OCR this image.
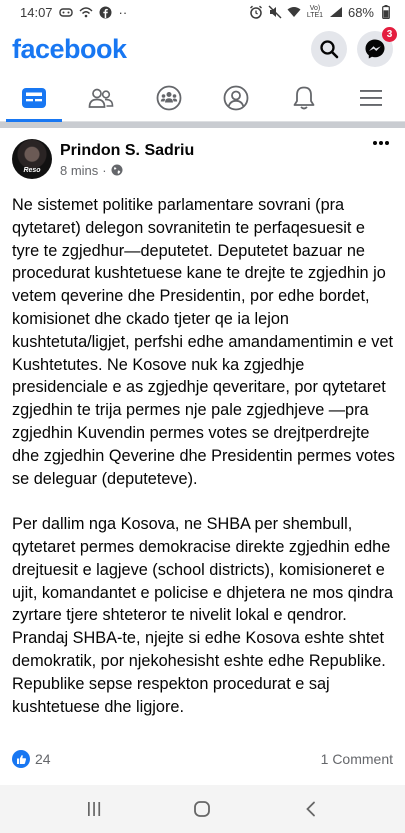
14:07	··	Vo) LTE1 68%
facebook	3
Reso
Prindon S. Sadriu
8 mins ·

Ne sistemet politike parlamentare sovrani (pra qytetaret) delegon sovranitetin te perfaqesuesit e tyre te zgjedhur—deputetet. Deputetet bazuar ne procedurat kushtetuese kane te drejte te zgjedhin jo vetem qeverine dhe Presidentin, por edhe bordet, komisionet dhe ckado tjeter qe ia lejon kushtetuta/ligjet, perfshi edhe amandamentimin e vet Kushtetutes. Ne Kosove nuk ka zgjedhje presidenciale e as zgjedhje qeveritare, por qytetaret zgjedhin te trija permes nje pale zgjedhjeve —pra zgjedhin Kuvendin permes votes se drejtperdrejte dhe zgjedhin Qeverine dhe Presidentin permes votes se deleguar (deputeteve).

Per dallim nga Kosova, ne SHBA per shembull, qytetaret permes demokracise direkte zgjedhin edhe drejtuesit e lagjeve (school districts), komisioneret e ujit, komandantet e policise e dhjetera ne mos qindra zyrtare tjere shteteror te nivelit lokal e qendror. Prandaj SHBA-te, njejte si edhe Kosova eshte shtet demokratik, por njekohesisht eshte edhe Republike. Republike sepse respekton procedurat e saj kushtetuese dhe ligjore.

24	1 Comment
